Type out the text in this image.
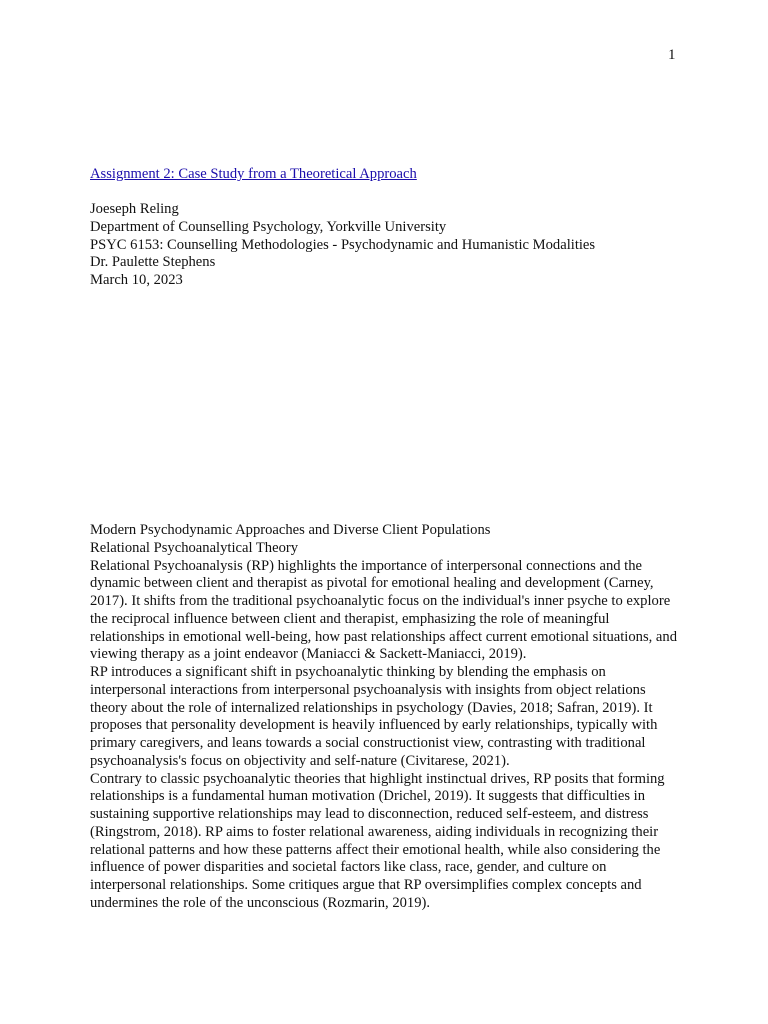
1
Assignment 2: Case Study from a Theoretical Approach
Joeseph Reling
Department of Counselling Psychology, Yorkville University
PSYC 6153: Counselling Methodologies - Psychodynamic and Humanistic Modalities
Dr. Paulette Stephens
March 10, 2023
Modern Psychodynamic Approaches and Diverse Client Populations
Relational Psychoanalytical Theory

Relational Psychoanalysis (RP) highlights the importance of interpersonal connections and the dynamic between client and therapist as pivotal for emotional healing and development (Carney, 2017). It shifts from the traditional psychoanalytic focus on the individual's inner psyche to explore the reciprocal influence between client and therapist, emphasizing the role of meaningful relationships in emotional well-being, how past relationships affect current emotional situations, and viewing therapy as a joint endeavor (Maniacci & Sackett-Maniacci, 2019).

RP introduces a significant shift in psychoanalytic thinking by blending the emphasis on interpersonal interactions from interpersonal psychoanalysis with insights from object relations theory about the role of internalized relationships in psychology (Davies, 2018; Safran, 2019). It proposes that personality development is heavily influenced by early relationships, typically with primary caregivers, and leans towards a social constructionist view, contrasting with traditional psychoanalysis's focus on objectivity and self-nature (Civitarese, 2021).

Contrary to classic psychoanalytic theories that highlight instinctual drives, RP posits that forming relationships is a fundamental human motivation (Drichel, 2019). It suggests that difficulties in sustaining supportive relationships may lead to disconnection, reduced self-esteem, and distress (Ringstrom, 2018). RP aims to foster relational awareness, aiding individuals in recognizing their relational patterns and how these patterns affect their emotional health, while also considering the influence of power disparities and societal factors like class, race, gender, and culture on interpersonal relationships. Some critiques argue that RP oversimplifies complex concepts and undermines the role of the unconscious (Rozmarin, 2019).
